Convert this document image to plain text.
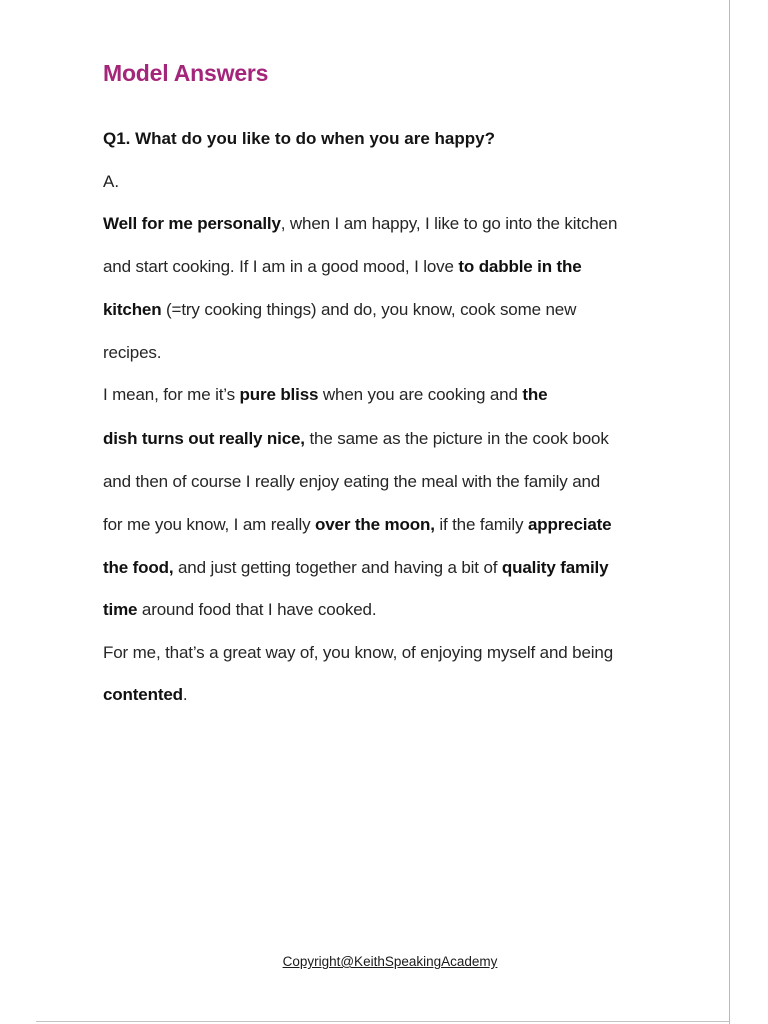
Model Answers
Q1. What do you like to do when you are happy?
A.
Well for me personally, when I am happy, I like to go into the kitchen
and start cooking. If I am in a good mood, I love to dabble in the
kitchen (=try cooking things) and do, you know, cook some new
recipes.
I mean, for me it’s pure bliss when you are cooking and the
dish turns out really nice, the same as the picture in the cook book
and then of course I really enjoy eating the meal with the family and
for me you know, I am really over the moon, if the family appreciate
the food, and just getting together and having a bit of quality family
time around food that I have cooked.
For me, that’s a great way of, you know, of enjoying myself and being
contented.
Copyright@KeithSpeakingAcademy
